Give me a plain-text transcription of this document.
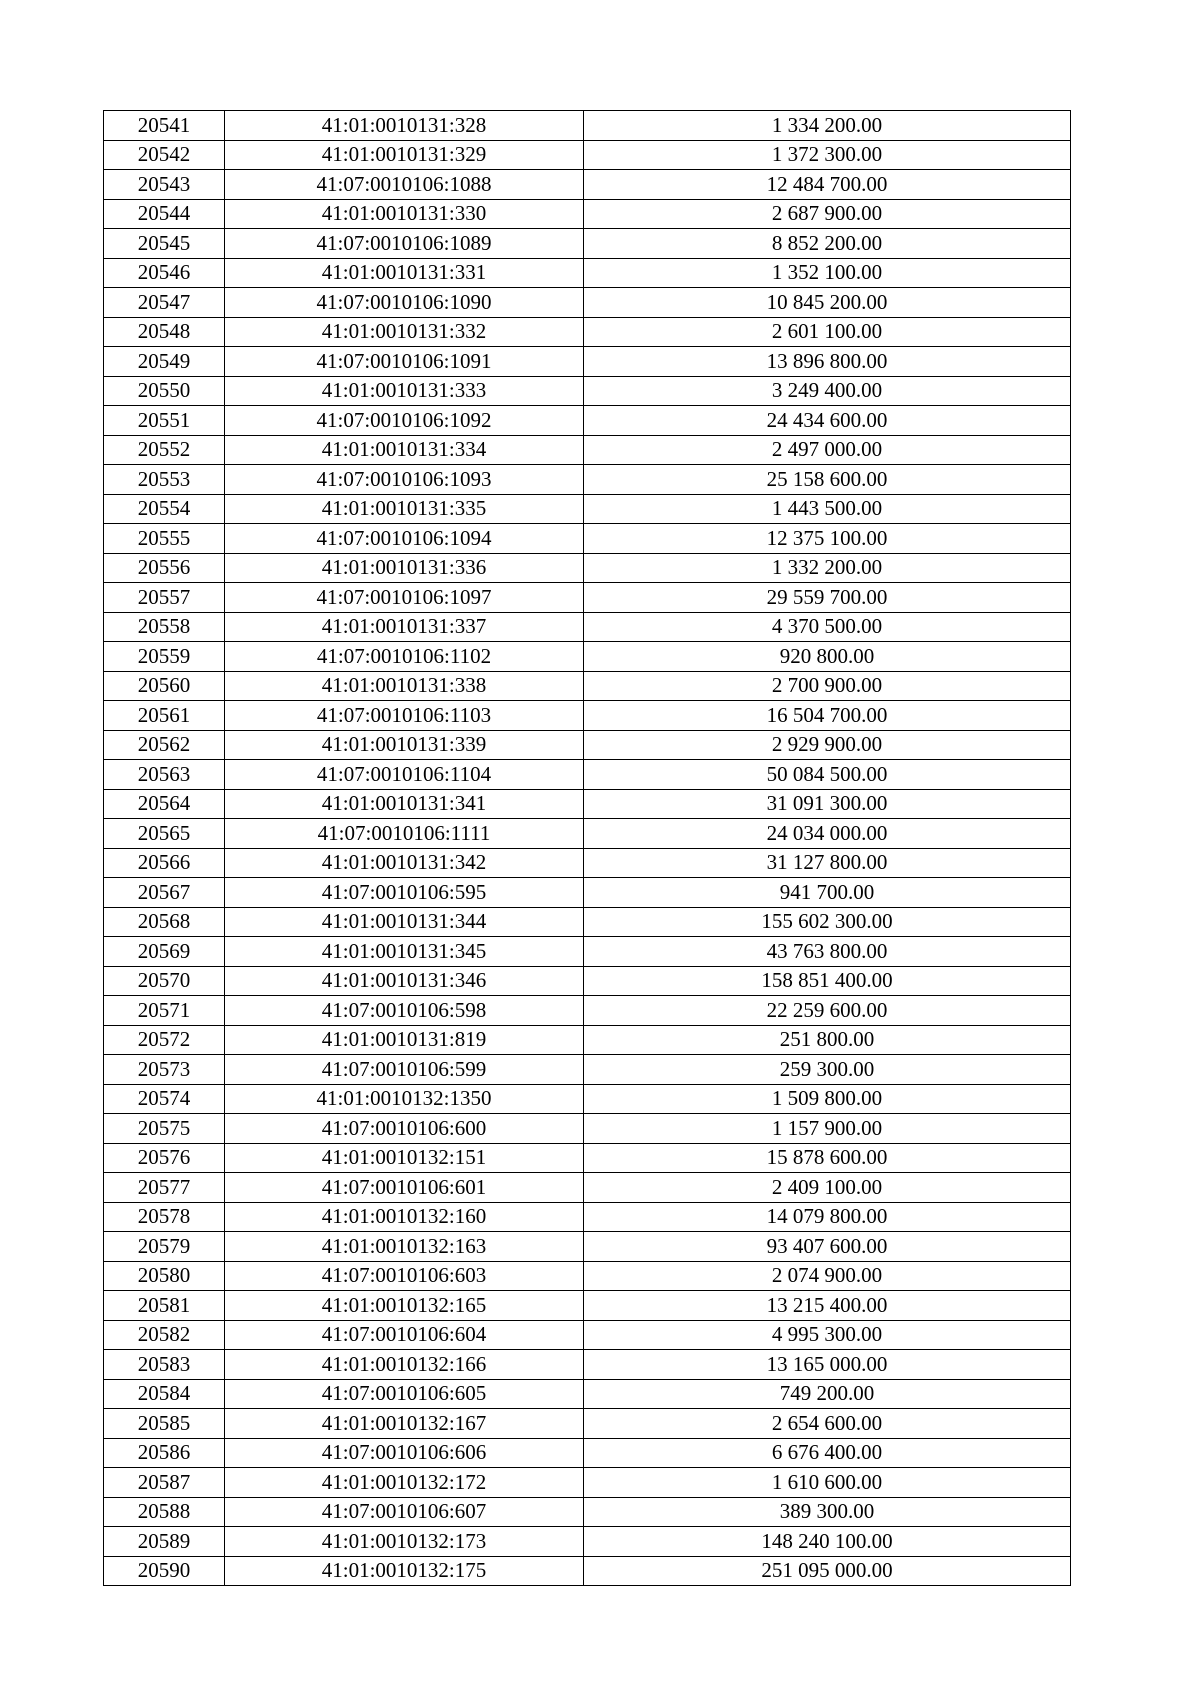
20541	41:01:0010131:328	1 334 200.00
20542	41:01:0010131:329	1 372 300.00
20543	41:07:0010106:1088	12 484 700.00
20544	41:01:0010131:330	2 687 900.00
20545	41:07:0010106:1089	8 852 200.00
20546	41:01:0010131:331	1 352 100.00
20547	41:07:0010106:1090	10 845 200.00
20548	41:01:0010131:332	2 601 100.00
20549	41:07:0010106:1091	13 896 800.00
20550	41:01:0010131:333	3 249 400.00
20551	41:07:0010106:1092	24 434 600.00
20552	41:01:0010131:334	2 497 000.00
20553	41:07:0010106:1093	25 158 600.00
20554	41:01:0010131:335	1 443 500.00
20555	41:07:0010106:1094	12 375 100.00
20556	41:01:0010131:336	1 332 200.00
20557	41:07:0010106:1097	29 559 700.00
20558	41:01:0010131:337	4 370 500.00
20559	41:07:0010106:1102	920 800.00
20560	41:01:0010131:338	2 700 900.00
20561	41:07:0010106:1103	16 504 700.00
20562	41:01:0010131:339	2 929 900.00
20563	41:07:0010106:1104	50 084 500.00
20564	41:01:0010131:341	31 091 300.00
20565	41:07:0010106:1111	24 034 000.00
20566	41:01:0010131:342	31 127 800.00
20567	41:07:0010106:595	941 700.00
20568	41:01:0010131:344	155 602 300.00
20569	41:01:0010131:345	43 763 800.00
20570	41:01:0010131:346	158 851 400.00
20571	41:07:0010106:598	22 259 600.00
20572	41:01:0010131:819	251 800.00
20573	41:07:0010106:599	259 300.00
20574	41:01:0010132:1350	1 509 800.00
20575	41:07:0010106:600	1 157 900.00
20576	41:01:0010132:151	15 878 600.00
20577	41:07:0010106:601	2 409 100.00
20578	41:01:0010132:160	14 079 800.00
20579	41:01:0010132:163	93 407 600.00
20580	41:07:0010106:603	2 074 900.00
20581	41:01:0010132:165	13 215 400.00
20582	41:07:0010106:604	4 995 300.00
20583	41:01:0010132:166	13 165 000.00
20584	41:07:0010106:605	749 200.00
20585	41:01:0010132:167	2 654 600.00
20586	41:07:0010106:606	6 676 400.00
20587	41:01:0010132:172	1 610 600.00
20588	41:07:0010106:607	389 300.00
20589	41:01:0010132:173	148 240 100.00
20590	41:01:0010132:175	251 095 000.00
